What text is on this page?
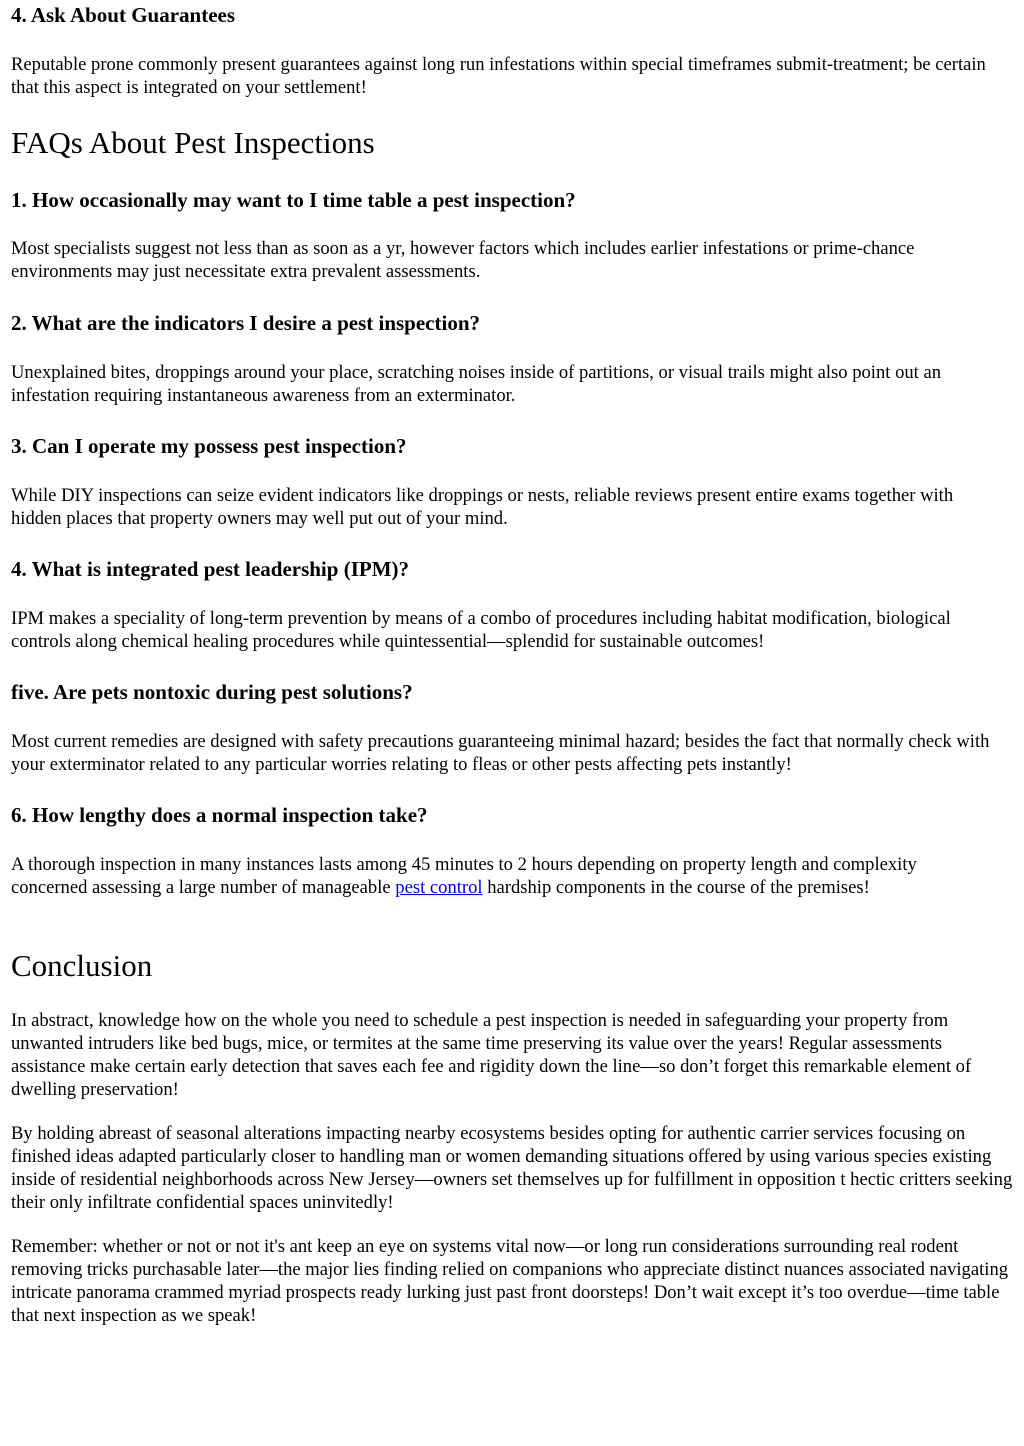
4. Ask About Guarantees

Reputable prone commonly present guarantees against long run infestations within special timeframes submit-treatment; be certain that this aspect is integrated on your settlement!

FAQs About Pest Inspections
1. How occasionally may want to I time table a pest inspection?

Most specialists suggest not less than as soon as a yr, however factors which includes earlier infestations or prime-chance environments may just necessitate extra prevalent assessments.

2. What are the indicators I desire a pest inspection?

Unexplained bites, droppings around your place, scratching noises inside of partitions, or visual trails might also point out an infestation requiring instantaneous awareness from an exterminator.

3. Can I operate my possess pest inspection?

While DIY inspections can seize evident indicators like droppings or nests, reliable reviews present entire exams together with hidden places that property owners may well put out of your mind.

4. What is integrated pest leadership (IPM)?

IPM makes a speciality of long-term prevention by means of a combo of procedures including habitat modification, biological controls along chemical healing procedures while quintessential—splendid for sustainable outcomes!

five. Are pets nontoxic during pest solutions?

Most current remedies are designed with safety precautions guaranteeing minimal hazard; besides the fact that normally check with your exterminator related to any particular worries relating to fleas or other pests affecting pets instantly!

6. How lengthy does a normal inspection take?

A thorough inspection in many instances lasts among 45 minutes to 2 hours depending on property length and complexity concerned assessing a large number of manageable pest control hardship components in the course of the premises!

Conclusion

In abstract, knowledge how on the whole you need to schedule a pest inspection is needed in safeguarding your property from unwanted intruders like bed bugs, mice, or termites at the same time preserving its value over the years! Regular assessments assistance make certain early detection that saves each fee and rigidity down the line—so don’t forget this remarkable element of dwelling preservation!

By holding abreast of seasonal alterations impacting nearby ecosystems besides opting for authentic carrier services focusing on finished ideas adapted particularly closer to handling man or women demanding situations offered by using various species existing inside of residential neighborhoods across New Jersey—owners set themselves up for fulfillment in opposition t hectic critters seeking their only infiltrate confidential spaces uninvitedly!

Remember: whether or not or not it's ant keep an eye on systems vital now—or long run considerations surrounding real rodent removing tricks purchasable later—the major lies finding relied on companions who appreciate distinct nuances associated navigating intricate panorama crammed myriad prospects ready lurking just past front doorsteps! Don’t wait except it’s too overdue—time table that next inspection as we speak!
